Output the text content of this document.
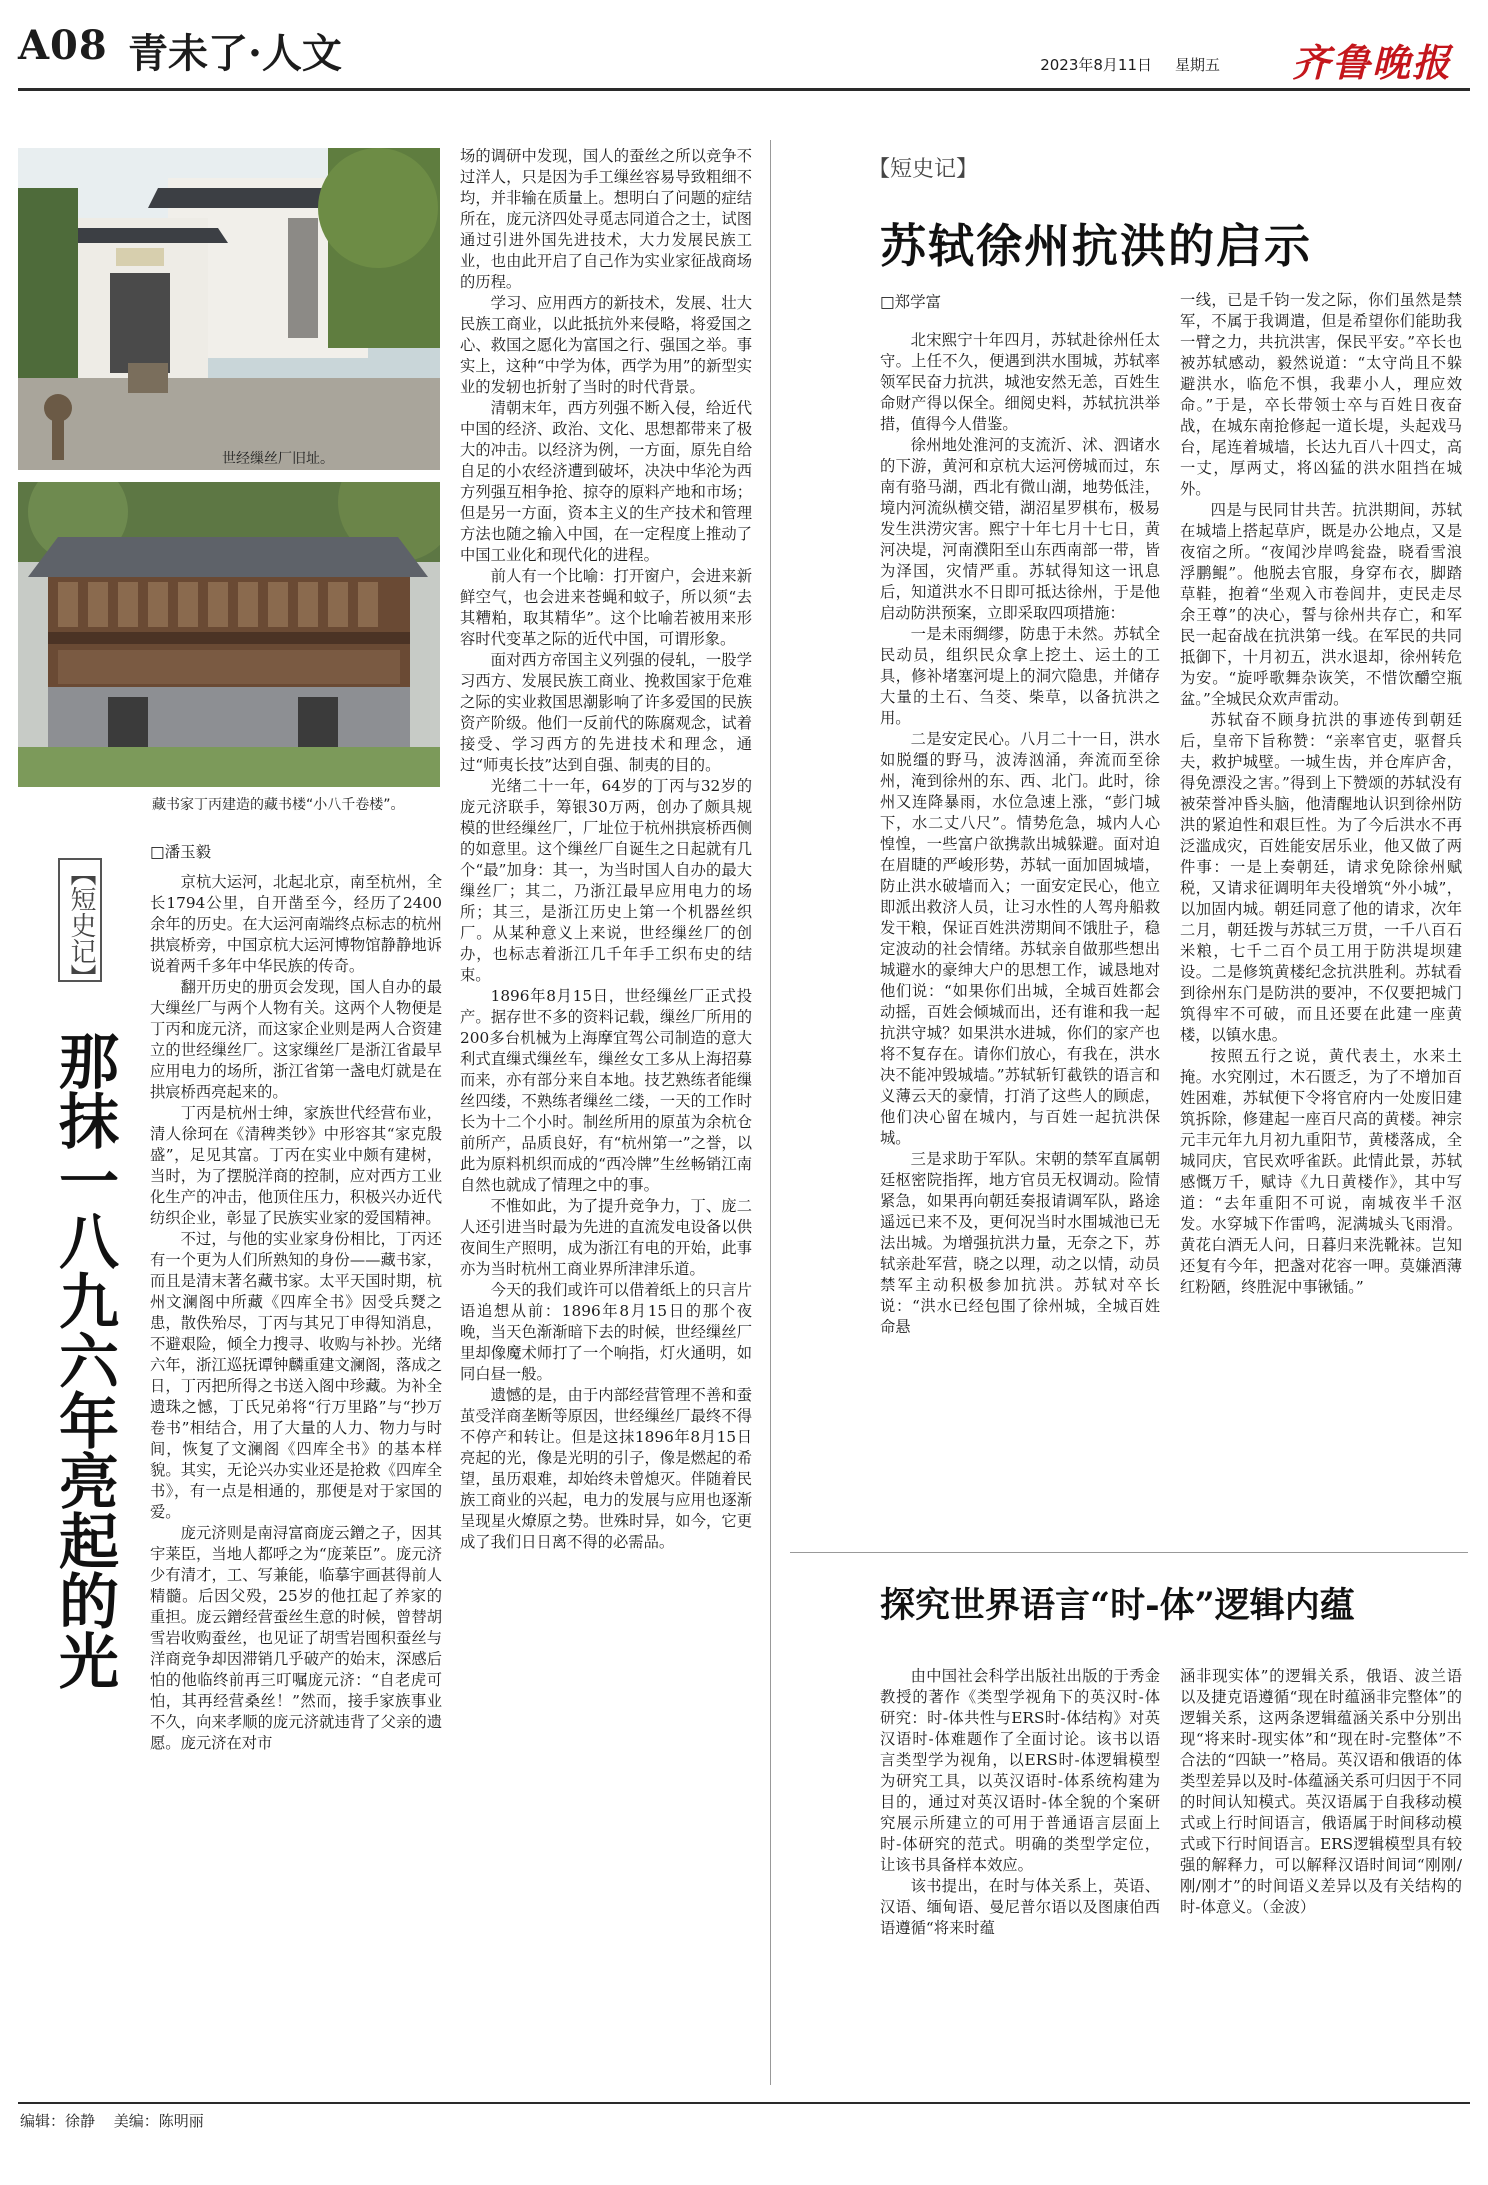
A08 青未了·人文	2023年8月11日 星期五 齐鲁晚报
世经缫丝厂旧址。
藏书家丁丙建造的藏书楼“小八千卷楼”。
【短史记】
那抹一八九六年亮起的光
□潘玉毅

京杭大运河，北起北京，南至杭州，全长1794公里，自开凿至今，经历了2400余年的历史。在大运河南端终点标志的杭州拱宸桥旁，中国京杭大运河博物馆静静地诉说着两千多年中华民族的传奇。

翻开历史的册页会发现，国人自办的最大缫丝厂与两个人物有关。这两个人物便是丁丙和庞元济，而这家企业则是两人合资建立的世经缫丝厂。这家缫丝厂是浙江省最早应用电力的场所，浙江省第一盏电灯就是在拱宸桥西亮起来的。

丁丙是杭州士绅，家族世代经营布业，清人徐珂在《清稗类钞》中形容其“家克殷盛”，足见其富。丁丙在实业中颇有建树，当时，为了摆脱洋商的控制，应对西方工业化生产的冲击，他顶住压力，积极兴办近代纺织企业，彰显了民族实业家的爱国精神。

不过，与他的实业家身份相比，丁丙还有一个更为人们所熟知的身份——藏书家，而且是清末著名藏书家。太平天国时期，杭州文澜阁中所藏《四库全书》因受兵燹之患，散佚殆尽，丁丙与其兄丁申得知消息，不避艰险，倾全力搜寻、收购与补抄。光绪六年，浙江巡抚谭钟麟重建文澜阁，落成之日，丁丙把所得之书送入阁中珍藏。为补全遗珠之憾，丁氏兄弟将“行万里路”与“抄万卷书”相结合，用了大量的人力、物力与时间，恢复了文澜阁《四库全书》的基本样貌。其实，无论兴办实业还是抢救《四库全书》，有一点是相通的，那便是对于家国的爱。

庞元济则是南浔富商庞云鏳之子，因其宇莱臣，当地人都呼之为“庞莱臣”。庞元济少有清才，工、写兼能，临摹宇画甚得前人精髓。后因父殁，25岁的他扛起了养家的重担。庞云鏳经营蚕丝生意的时候，曾替胡雪岩收购蚕丝，也见证了胡雪岩囤积蚕丝与洋商竞争却因滞销几乎破产的始末，深感后怕的他临终前再三叮嘱庞元济：“自老虎可怕，其再经营桑丝！”然而，接手家族事业不久，向来孝顺的庞元济就违背了父亲的遗愿。庞元济在对市

场的调研中发现，国人的蚕丝之所以竞争不过洋人，只是因为手工缫丝容易导致粗细不均，并非输在质量上。想明白了问题的症结所在，庞元济四处寻觅志同道合之士，试图通过引进外国先进技术，大力发展民族工业，也由此开启了自己作为实业家征战商场的历程。

学习、应用西方的新技术，发展、壮大民族工商业，以此抵抗外来侵略，将爱国之心、救国之愿化为富国之行、强国之举。事实上，这种“中学为体，西学为用”的新型实业的发轫也折射了当时的时代背景。

清朝末年，西方列强不断入侵，给近代中国的经济、政治、文化、思想都带来了极大的冲击。以经济为例，一方面，原先自给自足的小农经济遭到破坏，决决中华沦为西方列强互相争抢、掠夺的原料产地和市场；但是另一方面，资本主义的生产技术和管理方法也随之输入中国，在一定程度上推动了中国工业化和现代化的进程。

前人有一个比喻：打开窗户，会进来新鲜空气，也会进来苍蝇和蚊子，所以须“去其糟粕，取其精华”。这个比喻若被用来形容时代变革之际的近代中国，可谓形象。

面对西方帝国主义列强的侵轧，一股学习西方、发展民族工商业、挽救国家于危难之际的实业救国思潮影响了许多爱国的民族资产阶级。他们一反前代的陈腐观念，试着接受、学习西方的先进技术和理念，通过“师夷长技”达到自强、制夷的目的。

光绪二十一年，64岁的丁丙与32岁的庞元济联手，筹银30万两，创办了颇具规模的世经缫丝厂，厂址位于杭州拱宸桥西侧的如意里。这个缫丝厂自诞生之日起就有几个“最”加身：其一，为当时国人自办的最大缫丝厂；其二，乃浙江最早应用电力的场所；其三，是浙江历史上第一个机器丝织厂。从某种意义上来说，世经缫丝厂的创办，也标志着浙江几千年手工织布史的结束。

1896年8月15日，世经缫丝厂正式投产。据存世不多的资料记载，缫丝厂所用的200多台机械为上海摩宜驾公司制造的意大利式直缫式缫丝车，缫丝女工多从上海招募而来，亦有部分来自本地。技艺熟练者能缫丝四缕，不熟练者缫丝二缕，一天的工作时长为十二个小时。制丝所用的原茧为余杭仓前所产，品质良好，有“杭州第一”之誉，以此为原料机织而成的“西冷牌”生丝畅销江南自然也就成了情理之中的事。

不惟如此，为了提升竞争力，丁、庞二人还引进当时最为先进的直流发电设备以供夜间生产照明，成为浙江有电的开始，此事亦为当时杭州工商业界所津津乐道。

今天的我们或许可以借着纸上的只言片语追想从前：1896年8月15日的那个夜晚，当天色渐渐暗下去的时候，世经缫丝厂里却像魔术师打了一个响指，灯火通明，如同白昼一般。

遗憾的是，由于内部经营管理不善和蚕茧受洋商垄断等原因，世经缫丝厂最终不得不停产和转让。但是这抹1896年8月15日亮起的光，像是光明的引子，像是燃起的希望，虽历艰难，却始终未曾熄灭。伴随着民族工商业的兴起，电力的发展与应用也逐渐呈现星火燎原之势。世殊时异，如今，它更成了我们日日离不得的必需品。

【短史记】
苏轼徐州抗洪的启示
□郑学富

北宋熙宁十年四月，苏轼赴徐州任太守。上任不久，便遇到洪水围城，苏轼率领军民奋力抗洪，城池安然无恙，百姓生命财产得以保全。细阅史料，苏轼抗洪举措，值得今人借鉴。

徐州地处淮河的支流沂、沭、泗诸水的下游，黄河和京杭大运河傍城而过，东南有骆马湖，西北有微山湖，地势低洼，境内河流纵横交错，湖沼星罗棋布，极易发生洪涝灾害。熙宁十年七月十七日，黄河决堤，河南濮阳至山东西南部一带，皆为泽国，灾情严重。苏轼得知这一讯息后，知道洪水不日即可抵达徐州，于是他启动防洪预案，立即采取四项措施：

一是未雨绸缪，防患于未然。苏轼全民动员，组织民众拿上挖土、运土的工具，修补堵塞河堤上的洞穴隐患，并储存大量的土石、刍茭、柴草，以备抗洪之用。

二是安定民心。八月二十一日，洪水如脱缰的野马，波涛汹涌，奔流而至徐州，淹到徐州的东、西、北门。此时，徐州又连降暴雨，水位急速上涨，“彭门城下，水二丈八尺”。情势危急，城内人心惶惶，一些富户欲携款出城躲避。面对迫在眉睫的严峻形势，苏轼一面加固城墙，防止洪水破墙而入；一面安定民心，他立即派出救济人员，让习水性的人驾舟船救发干粮，保证百姓洪涝期间不饿肚子，稳定波动的社会情绪。苏轼亲自做那些想出城避水的豪绅大户的思想工作，诚恳地对他们说：“如果你们出城，全城百姓都会动摇，百姓会倾城而出，还有谁和我一起抗洪守城？如果洪水进城，你们的家产也将不复存在。请你们放心，有我在，洪水决不能冲毁城墙。”苏轼斩钉截铁的语言和义薄云天的豪情，打消了这些人的顾虑，他们决心留在城内，与百姓一起抗洪保城。

三是求助于军队。宋朝的禁军直属朝廷枢密院指挥，地方官员无权调动。险情紧急，如果再向朝廷奏报请调军队，路途遥远已来不及，更何况当时水围城池已无法出城。为增强抗洪力量，无奈之下，苏轼亲赴军营，晓之以理，动之以情，动员禁军主动积极参加抗洪。苏轼对卒长说：“洪水已经包围了徐州城，全城百姓命悬

一线，已是千钧一发之际，你们虽然是禁军，不属于我调遣，但是希望你们能助我一臂之力，共抗洪害，保民平安。”卒长也被苏轼感动，毅然说道：“太守尚且不躲避洪水，临危不惧，我辈小人，理应效命。”于是，卒长带领士卒与百姓日夜奋战，在城东南抢修起一道长堤，头起戏马台，尾连着城墙，长达九百八十四丈，高一丈，厚两丈，将凶猛的洪水阻挡在城外。

四是与民同甘共苦。抗洪期间，苏轼在城墙上搭起草庐，既是办公地点，又是夜宿之所。“夜闻沙岸鸣瓮盎，晓看雪浪浮鹏鲲”。他脱去官服，身穿布衣，脚踏草鞋，抱着“坐观入市卷闾井，吏民走尽余王尊”的决心，誓与徐州共存亡，和军民一起奋战在抗洪第一线。在军民的共同抵御下，十月初五，洪水退却，徐州转危为安。“旋呼歌舞杂诙笑，不惜饮釂空瓶盆。”全城民众欢声雷动。

苏轼奋不顾身抗洪的事迹传到朝廷后，皇帝下旨称赞：“亲率官吏，驱督兵夫，救护城壁。一城生齿，并仓库庐舍，得免漂没之害。”得到上下赞颂的苏轼没有被荣誉冲昏头脑，他清醒地认识到徐州防洪的紧迫性和艰巨性。为了今后洪水不再泛滥成灾，百姓能安居乐业，他又做了两件事：一是上奏朝廷，请求免除徐州赋税，又请求征调明年夫役增筑“外小城”，以加固内城。朝廷同意了他的请求，次年二月，朝廷拨与苏轼三万贯，一千八百石米粮，七千二百个员工用于防洪堤坝建设。二是修筑黄楼纪念抗洪胜利。苏轼看到徐州东门是防洪的要冲，不仅要把城门筑得牢不可破，而且还要在此建一座黄楼，以镇水患。

按照五行之说，黄代表土，水来土掩。水究刚过，木石匮乏，为了不增加百姓困难，苏轼便下令将官府内一处废旧建筑拆除，修建起一座百尺高的黄楼。神宗元丰元年九月初九重阳节，黄楼落成，全城同庆，官民欢呼雀跃。此情此景，苏轼感慨万千，赋诗《九日黄楼作》，其中写道：“去年重阳不可说，南城夜半千沤发。水穿城下作雷鸣，泥满城头飞雨滑。黄花白酒无人问，日暮归来洗靴袜。岂知还复有今年，把盏对花容一呷。莫嫌酒薄红粉陋，终胜泥中事锹锸。”

探究世界语言“时-体”逻辑内蕴

由中国社会科学出版社出版的于秀金教授的著作《类型学视角下的英汉时-体研究：时-体共性与ERS时-体结构》对英汉语时-体难题作了全面讨论。该书以语言类型学为视角，以ERS时-体逻辑模型为研究工具，以英汉语时-体系统构建为目的，通过对英汉语时-体全貌的个案研究展示所建立的可用于普通语言层面上时-体研究的范式。明确的类型学定位，让该书具备样本效应。

该书提出，在时与体关系上，英语、汉语、缅甸语、曼尼普尔语以及图康伯西语遵循“将来时蕴

涵非现实体”的逻辑关系，俄语、波兰语以及捷克语遵循“现在时蕴涵非完整体”的逻辑关系，这两条逻辑蕴涵关系中分别出现“将来时-现实体”和“现在时-完整体”不合法的“四缺一”格局。英汉语和俄语的体类型差异以及时-体蕴涵关系可归因于不同的时间认知模式。英汉语属于自我移动模式或上行时间语言，俄语属于时间移动模式或下行时间语言。ERS逻辑模型具有较强的解释力，可以解释汉语时间词“刚刚/刚/刚才”的时间语义差异以及有关结构的时-体意义。（金波）

编辑：徐静 美编：陈明丽
